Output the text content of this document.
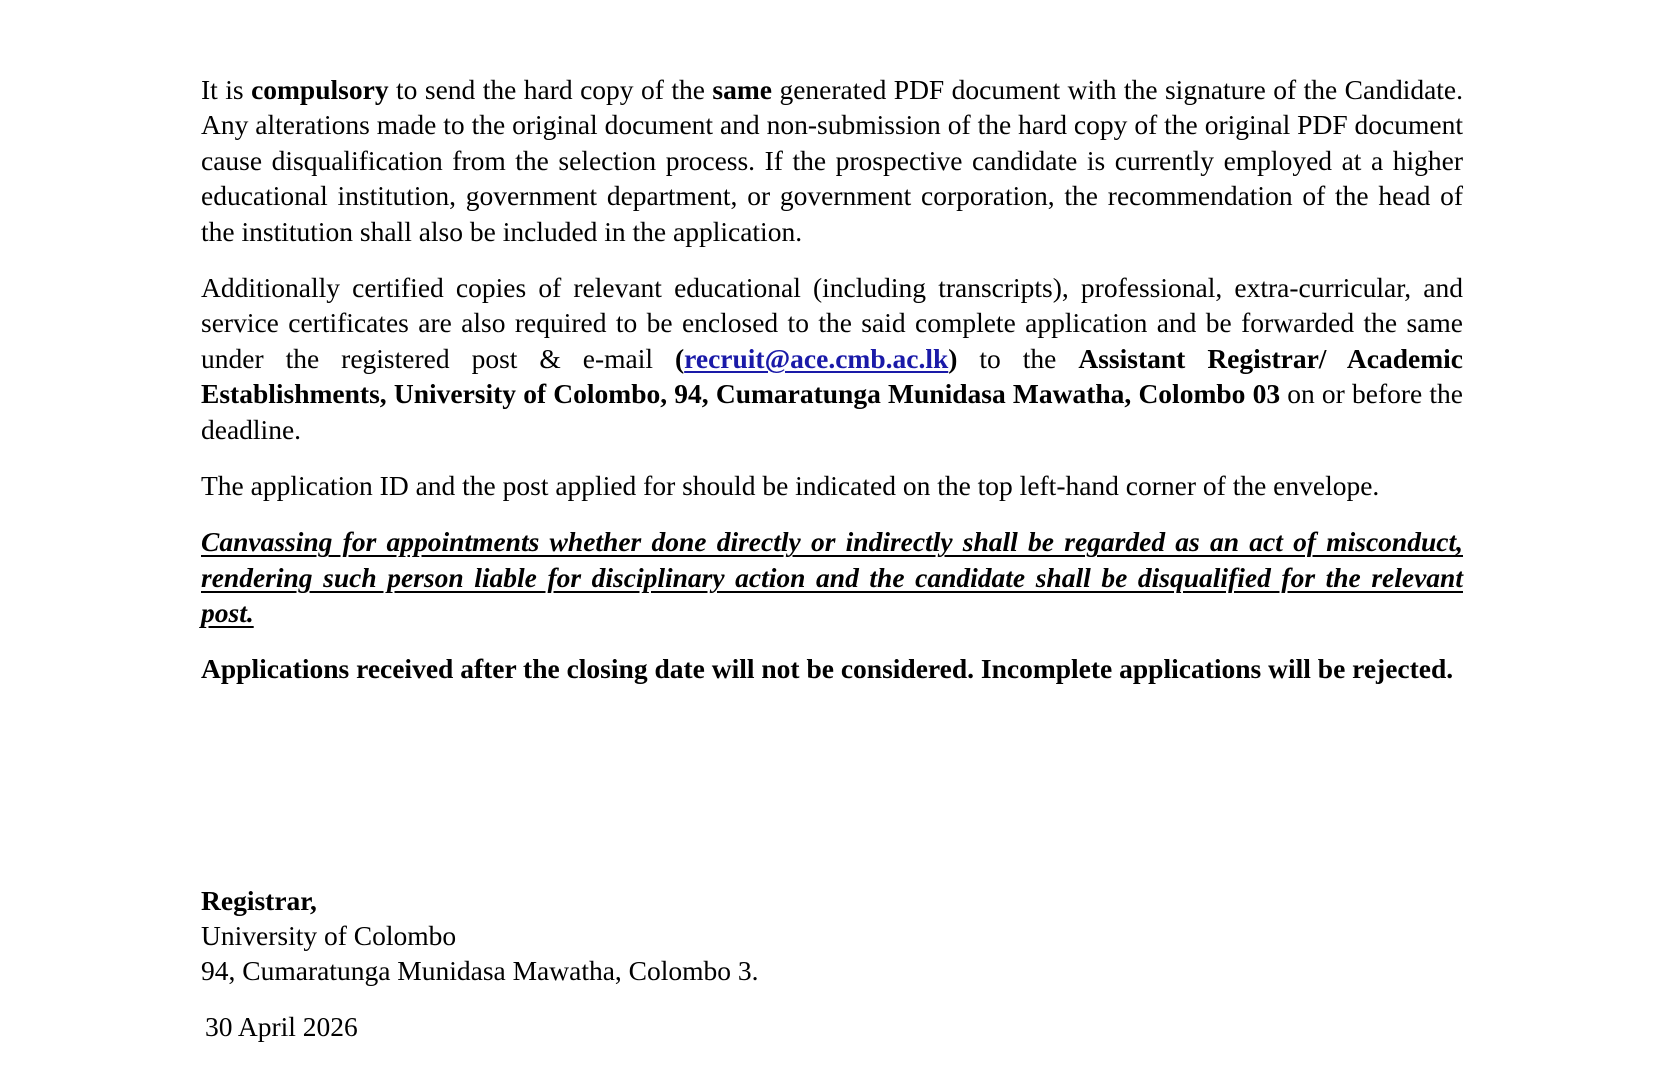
It is compulsory to send the hard copy of the same generated PDF document with the signature of the Candidate. Any alterations made to the original document and non-submission of the hard copy of the original PDF document cause disqualification from the selection process. If the prospective candidate is currently employed at a higher educational institution, government department, or government corporation, the recommendation of the head of the institution shall also be included in the application.

Additionally certified copies of relevant educational (including transcripts), professional, extra-curricular, and service certificates are also required to be enclosed to the said complete application and be forwarded the same under the registered post & e-mail (recruit@ace.cmb.ac.lk) to the Assistant Registrar/ Academic Establishments, University of Colombo, 94, Cumaratunga Munidasa Mawatha, Colombo 03 on or before the deadline.

The application ID and the post applied for should be indicated on the top left-hand corner of the envelope.

Canvassing for appointments whether done directly or indirectly shall be regarded as an act of misconduct, rendering such person liable for disciplinary action and the candidate shall be disqualified for the relevant post.

Applications received after the closing date will not be considered. Incomplete applications will be rejected.

Registrar,
University of Colombo
94, Cumaratunga Munidasa Mawatha, Colombo 3.
30 April 2026
